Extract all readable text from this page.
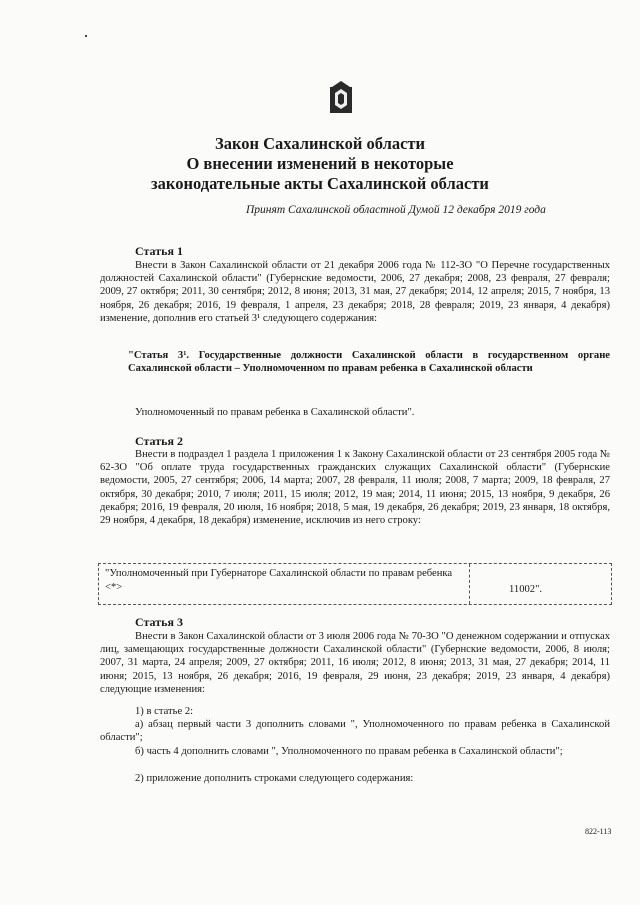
Закон Сахалинской области
О внесении изменений в некоторые
законодательные акты Сахалинской области
Принят Сахалинской областной Думой 12 декабря 2019 года
Статья 1
Внести в Закон Сахалинской области от 21 декабря 2006 года № 112-ЗО "О Перечне государственных должностей Сахалинской области" (Губернские ведомости, 2006, 27 декабря; 2008, 23 февраля, 27 февраля; 2009, 27 октября; 2011, 30 сентября; 2012, 8 июня; 2013, 31 мая, 27 декабря; 2014, 12 апреля; 2015, 7 ноября, 13 ноября, 26 декабря; 2016, 19 февраля, 1 апреля, 23 декабря; 2018, 28 февраля; 2019, 23 января, 4 декабря) изменение, дополнив его статьей 3¹ следующего содержания:
"Статья 3¹. Государственные должности Сахалинской области в государственном органе Сахалинской области – Уполномоченном по правам ребенка в Сахалинской области
Уполномоченный по правам ребенка в Сахалинской области".
Статья 2
Внести в подраздел 1 раздела 1 приложения 1 к Закону Сахалинской области от 23 сентября 2005 года № 62-ЗО "Об оплате труда государственных гражданских служащих Сахалинской области" (Губернские ведомости, 2005, 27 сентября; 2006, 14 марта; 2007, 28 февраля, 11 июля; 2008, 7 марта; 2009, 18 февраля, 27 октября, 30 декабря; 2010, 7 июля; 2011, 15 июля; 2012, 19 мая; 2014, 11 июня; 2015, 13 ноября, 9 декабря, 26 декабря; 2016, 19 февраля, 20 июля, 16 ноября; 2018, 5 мая, 19 декабря, 26 декабря; 2019, 23 января, 18 октября, 29 ноября, 4 декабря, 18 декабря) изменение, исключив из него строку:
"Уполномоченный при Губернаторе Сахалинской области по правам ребенка <*>	11002".
Статья 3
Внести в Закон Сахалинской области от 3 июля 2006 года № 70-ЗО "О денежном содержании и отпусках лиц, замещающих государственные должности Сахалинской области" (Губернские ведомости, 2006, 8 июля; 2007, 31 марта, 24 апреля; 2009, 27 октября; 2011, 16 июля; 2012, 8 июня; 2013, 31 мая, 27 декабря; 2014, 11 июня; 2015, 13 ноября, 26 декабря; 2016, 19 февраля, 29 июня, 23 декабря; 2019, 23 января, 4 декабря) следующие изменения:
1) в статье 2:
а) абзац первый части 3 дополнить словами ", Уполномоченного по правам ребенка в Сахалинской области";
б) часть 4 дополнить словами ", Уполномоченного по правам ребенка в Сахалинской области";
2) приложение дополнить строками следующего содержания:
822-113
